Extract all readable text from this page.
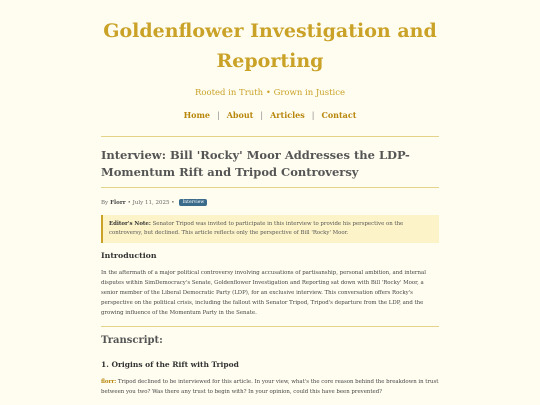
Goldenflower Investigation and Reporting
Rooted in Truth • Grown in Justice
Home | About | Articles | Contact
Interview: Bill 'Rocky' Moor Addresses the LDP-Momentum Rift and Tripod Controversy
By Florr • July 11, 2025 •	Interview
Editor's Note: Senator Tripod was invited to participate in this interview to provide his perspective on the controversy, but declined. This article reflects only the perspective of Bill 'Rocky' Moor.
Introduction

In the aftermath of a major political controversy involving accusations of partisanship, personal ambition, and internal disputes within SimDemocracy's Senate, Goldenflower Investigation and Reporting sat down with Bill 'Rocky' Moor, a senior member of the Liberal Democratic Party (LDP), for an exclusive interview. This conversation offers Rocky's perspective on the political crisis, including the fallout with Senator Tripod, Tripod's departure from the LDP, and the growing influence of the Momentum Party in the Senate.

Transcript:
1. Origins of the Rift with Tripod

florr: Tripod declined to be interviewed for this article. In your view, what's the core reason behind the breakdown in trust between you two? Was there any trust to begin with? In your opinion, could this have been prevented?
